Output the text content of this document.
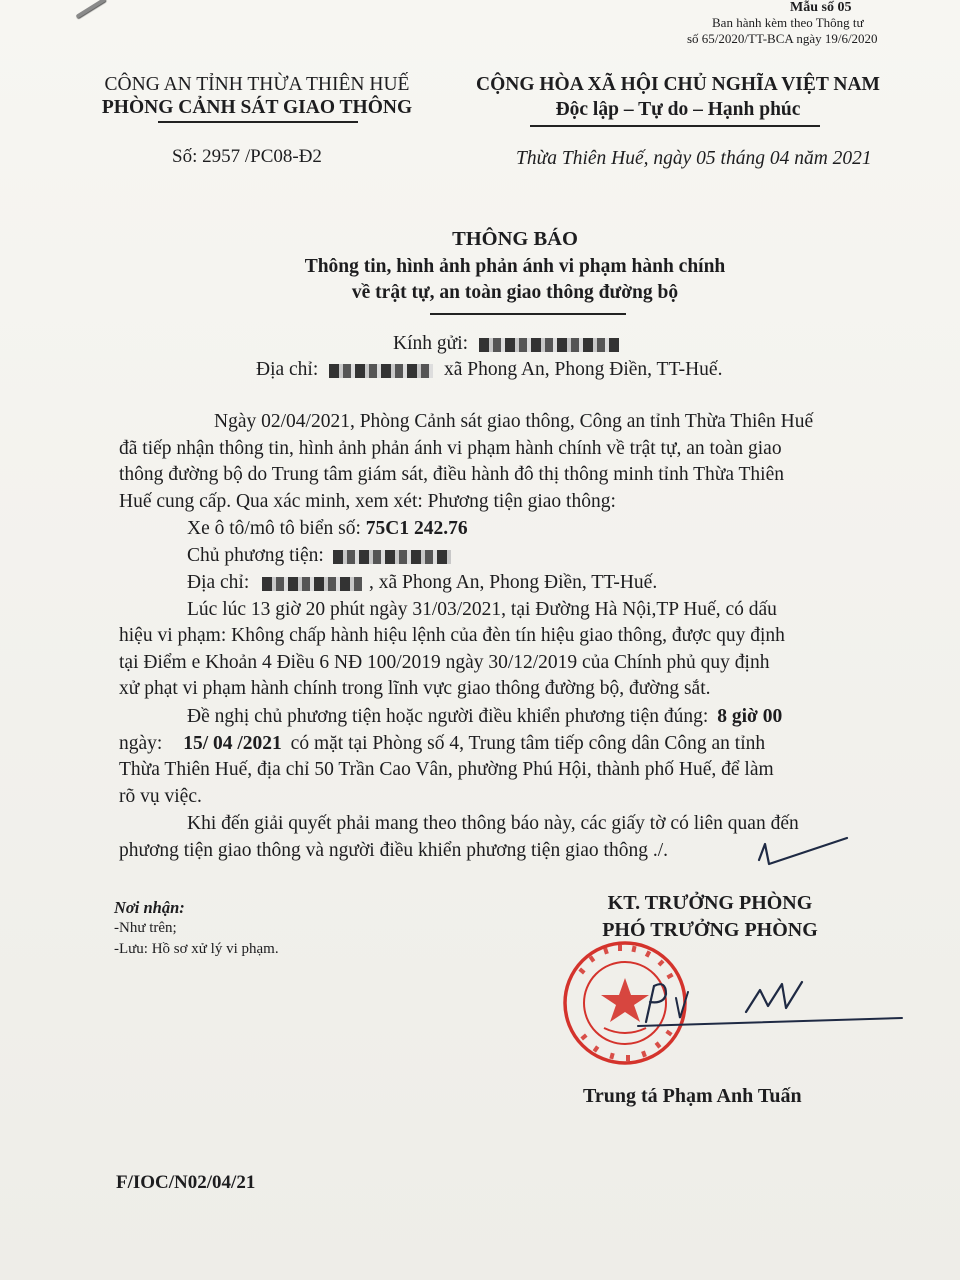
Mẫu số 05
Ban hành kèm theo Thông tư
số 65/2020/TT-BCA ngày 19/6/2020
CÔNG AN TỈNH THỪA THIÊN HUẾ
PHÒNG CẢNH SÁT GIAO THÔNG
Số: 2957 /PC08-Đ2
CỘNG HÒA XÃ HỘI CHỦ NGHĨA VIỆT NAM
Độc lập – Tự do – Hạnh phúc
Thừa Thiên Huế, ngày 05 tháng 04 năm 2021
THÔNG BÁO
Thông tin, hình ảnh phản ánh vi phạm hành chính
về trật tự, an toàn giao thông đường bộ
Kính gửi:
Địa chỉ:	xã Phong An, Phong Điền, TT-Huế.
Ngày 02/04/2021, Phòng Cảnh sát giao thông, Công an tỉnh Thừa Thiên Huế
đã tiếp nhận thông tin, hình ảnh phản ánh vi phạm hành chính về trật tự, an toàn giao
thông đường bộ do Trung tâm giám sát, điều hành đô thị thông minh tỉnh Thừa Thiên
Huế cung cấp. Qua xác minh, xem xét: Phương tiện giao thông:
Xe ô tô/mô tô biển số: 75C1 242.76
Chủ phương tiện:
Địa chỉ:	, xã Phong An, Phong Điền, TT-Huế.
Lúc lúc 13 giờ 20 phút ngày 31/03/2021, tại Đường Hà Nội,TP Huế, có dấu
hiệu vi phạm: Không chấp hành hiệu lệnh của đèn tín hiệu giao thông, được quy định
tại Điểm e Khoản 4 Điều 6 NĐ 100/2019 ngày 30/12/2019 của Chính phủ quy định
xử phạt vi phạm hành chính trong lĩnh vực giao thông đường bộ, đường sắt.
Đề nghị chủ phương tiện hoặc người điều khiển phương tiện đúng: 8 giờ 00
ngày: 15/ 04 /2021 có mặt tại Phòng số 4, Trung tâm tiếp công dân Công an tỉnh
Thừa Thiên Huế, địa chỉ 50 Trần Cao Vân, phường Phú Hội, thành phố Huế, để làm
rõ vụ việc.
Khi đến giải quyết phải mang theo thông báo này, các giấy tờ có liên quan đến
phương tiện giao thông và người điều khiển phương tiện giao thông ./.
Nơi nhận:
-Như trên;
-Lưu: Hồ sơ xử lý vi phạm.
KT. TRƯỞNG PHÒNG
PHÓ TRƯỞNG PHÒNG
Trung tá Phạm Anh Tuấn
F/IOC/N02/04/21
